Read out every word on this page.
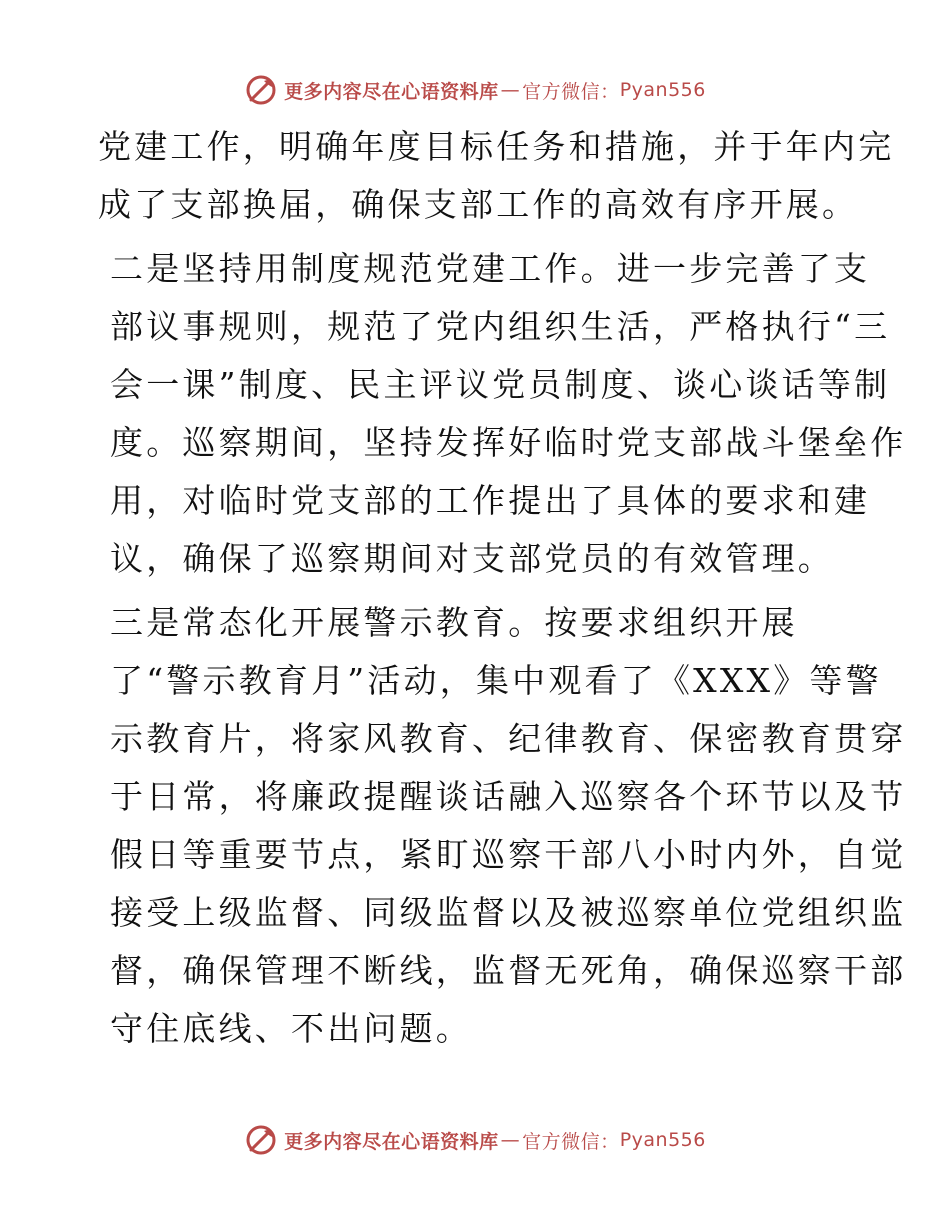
更多内容尽在心语资料库 — 官方微信： Pyan556

党建工作，明确年度目标任务和措施，并于年内完
成了支部换届，确保支部工作的高效有序开展。

二是坚持用制度规范党建工作。进一步完善了支
部议事规则，规范了党内组织生活，严格执行“三
会一课”制度、民主评议党员制度、谈心谈话等制
度。巡察期间，坚持发挥好临时党支部战斗堡垒作
用，对临时党支部的工作提出了具体的要求和建
议，确保了巡察期间对支部党员的有效管理。

三是常态化开展警示教育。按要求组织开展
了“警示教育月”活动，集中观看了《XXX》等警
示教育片，将家风教育、纪律教育、保密教育贯穿
于日常，将廉政提醒谈话融入巡察各个环节以及节
假日等重要节点，紧盯巡察干部八小时内外，自觉
接受上级监督、同级监督以及被巡察单位党组织监
督，确保管理不断线，监督无死角，确保巡察干部
守住底线、不出问题。

更多内容尽在心语资料库 — 官方微信： Pyan556
